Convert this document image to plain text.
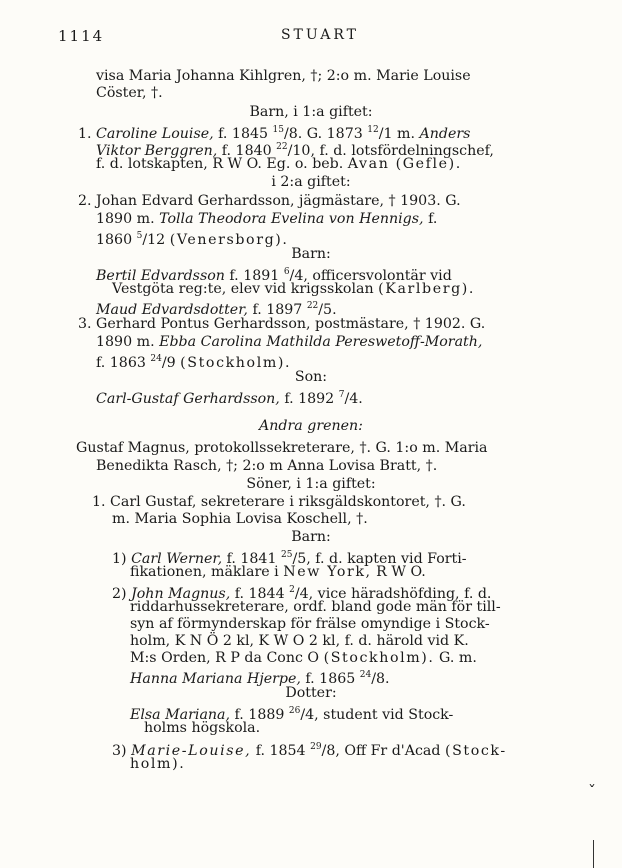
1114	STUART
visa Maria Johanna Kihlgren, †; 2:o m. Marie Louise
Cöster, †.
Barn, i 1:a giftet:
1. Caroline Louise, f. 1845 $^{15}$/8. G. 1873 $^{12}$/1 m. Anders
Viktor Berggren, f. 1840 $^{22}$/10, f. d. lotsfördelningschef,
f. d. lotskapten, R W O. Eg. o. beb. Avan (Gefle).
i 2:a giftet:
2. Johan Edvard Gerhardsson, jägmästare, † 1903. G.
1890 m. Tolla Theodora Evelina von Hennigs, f.
1860 $^5$/12 (Venersborg).
Barn:
Bertil Edvardsson f. 1891 $^6$/4, officersvolontär vid
Vestgöta reg:te, elev vid krigsskolan (Karlberg).
Maud Edvardsdotter, f. 1897 $^{22}$/5.
3. Gerhard Pontus Gerhardsson, postmästare, † 1902. G.
1890 m. Ebba Carolina Mathilda Pereswetoff-Morath,
f. 1863 $^{24}$/9 (Stockholm).
Son:
Carl-Gustaf Gerhardsson, f. 1892 $^7$/4.
Andra grenen:
Gustaf Magnus, protokollssekreterare, †. G. 1:o m. Maria
Benedikta Rasch, †; 2:o m Anna Lovisa Bratt, †.
Söner, i 1:a giftet:
1. Carl Gustaf, sekreterare i riksgäldskontoret, †. G.
m. Maria Sophia Lovisa Koschell, †.
Barn:
1) Carl Werner, f. 1841 $^{25}$/5, f. d. kapten vid Forti-
fikationen, mäklare i New York, R W O.
2) John Magnus, f. 1844 $^2$/4, vice häradshöfding, f. d.
riddarhussekreterare, ordf. bland gode män för till-
syn af förmynderskap för frälse omyndige i Stock-
holm, K N Ö 2 kl, K W O 2 kl, f. d. härold vid K.
M:s Orden, R P da Conc O (Stockholm). G. m.
Hanna Mariana Hjerpe, f. 1865 $^{24}$/8.
Dotter:
Elsa Mariana, f. 1889 $^{26}$/4, student vid Stock-
holms högskola.
3) Marie-Louise, f. 1854 $^{29}$/8, Off Fr d'Acad (Stock-
holm).
ˇ
